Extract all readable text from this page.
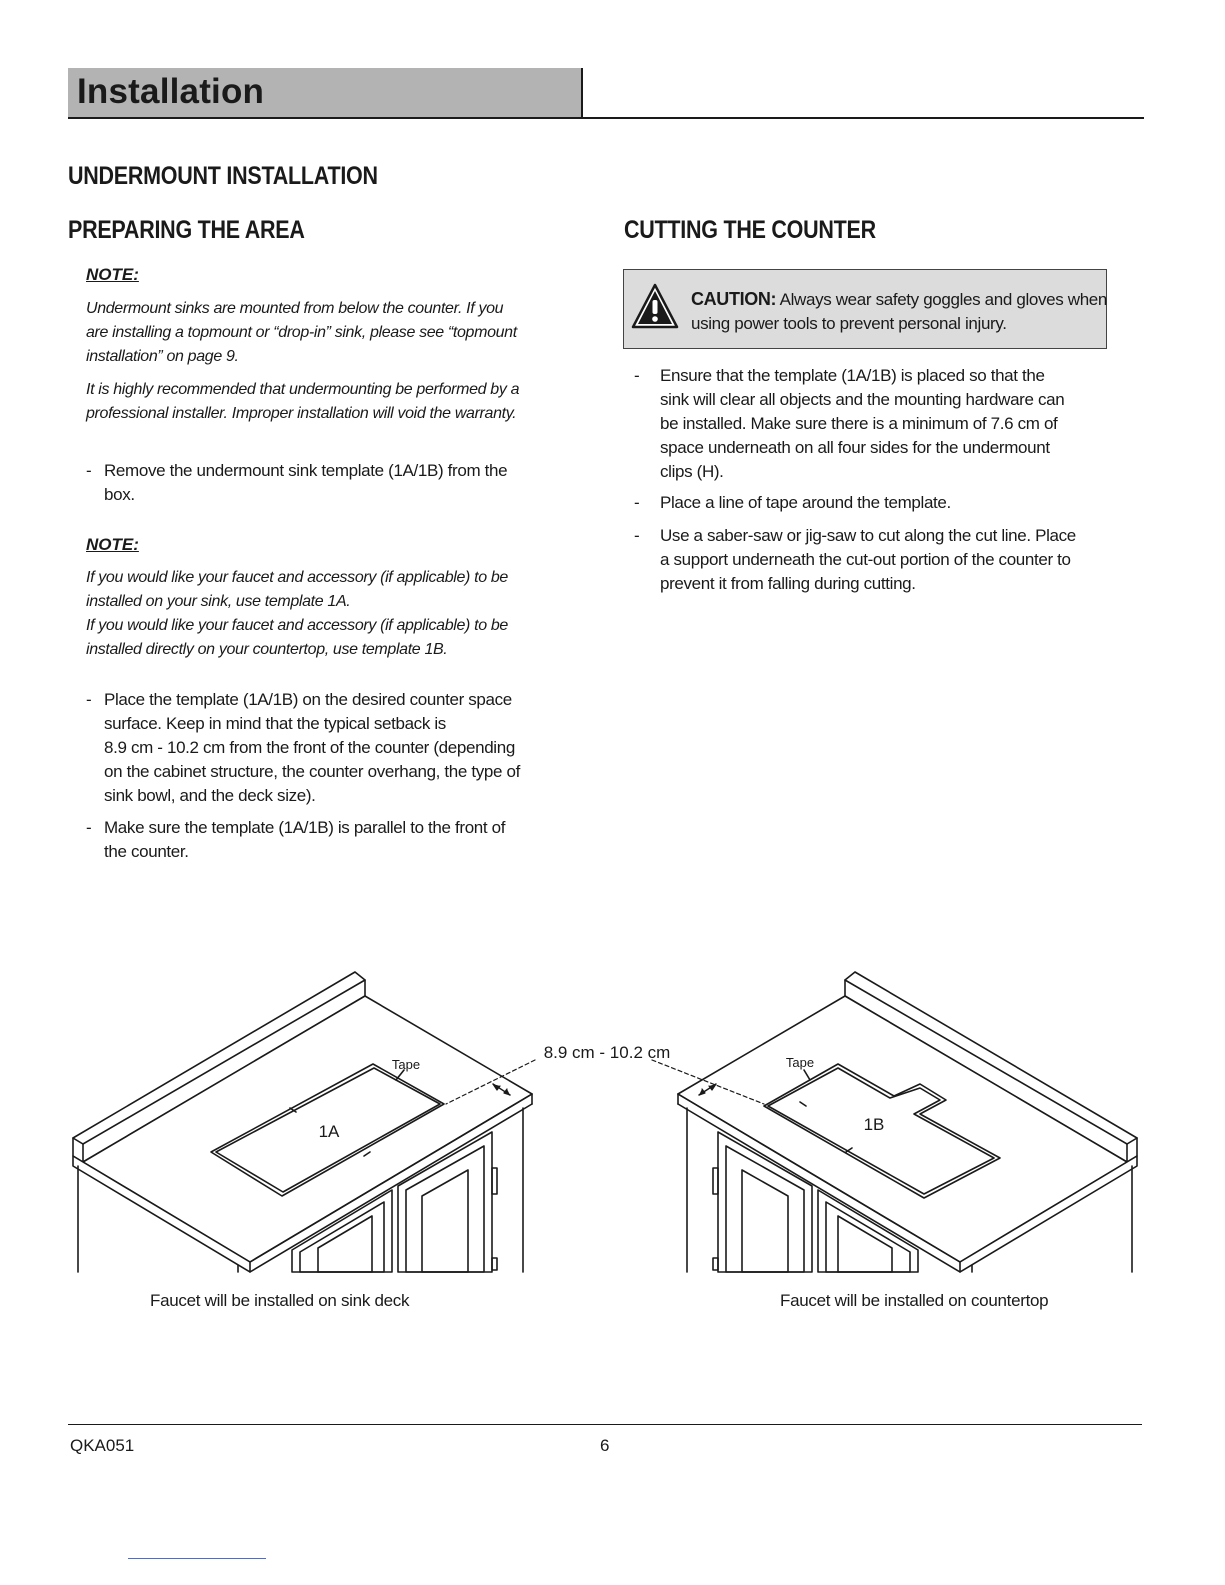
Installation
UNDERMOUNT INSTALLATION
PREPARING THE AREA
NOTE:
Undermount sinks are mounted from below the counter. If you
are installing a topmount or “drop-in” sink, please see “topmount
installation” on page 9.
It is highly recommended that undermounting be performed by a
professional installer. Improper installation will void the warranty.
- Remove the undermount sink template (1A/1B) from the
box.
NOTE:
If you would like your faucet and accessory (if applicable) to be
installed on your sink, use template 1A.
If you would like your faucet and accessory (if applicable) to be
installed directly on your countertop, use template 1B.
- Place the template (1A/1B) on the desired counter space
surface. Keep in mind that the typical setback is
8.9 cm - 10.2 cm from the front of the counter (depending
on the cabinet structure, the counter overhang, the type of
sink bowl, and the deck size).
- Make sure the template (1A/1B) is parallel to the front of
the counter.
CUTTING THE COUNTER
CAUTION: Always wear safety goggles and gloves when
using power tools to prevent personal injury.
- Ensure that the template (1A/1B) is placed so that the
sink will clear all objects and the mounting hardware can
be installed. Make sure there is a minimum of 7.6 cm of
space underneath on all four sides for the undermount
clips (H).
- Place a line of tape around the template.
- Use a saber-saw or jig-saw to cut along the cut line. Place
a support underneath the cut-out portion of the counter to
prevent it from falling during cutting.
8.9 cm - 10.2 cm
Tape
1A
Tape
1B
Faucet will be installed on sink deck	Faucet will be installed on countertop
QKA051	6
